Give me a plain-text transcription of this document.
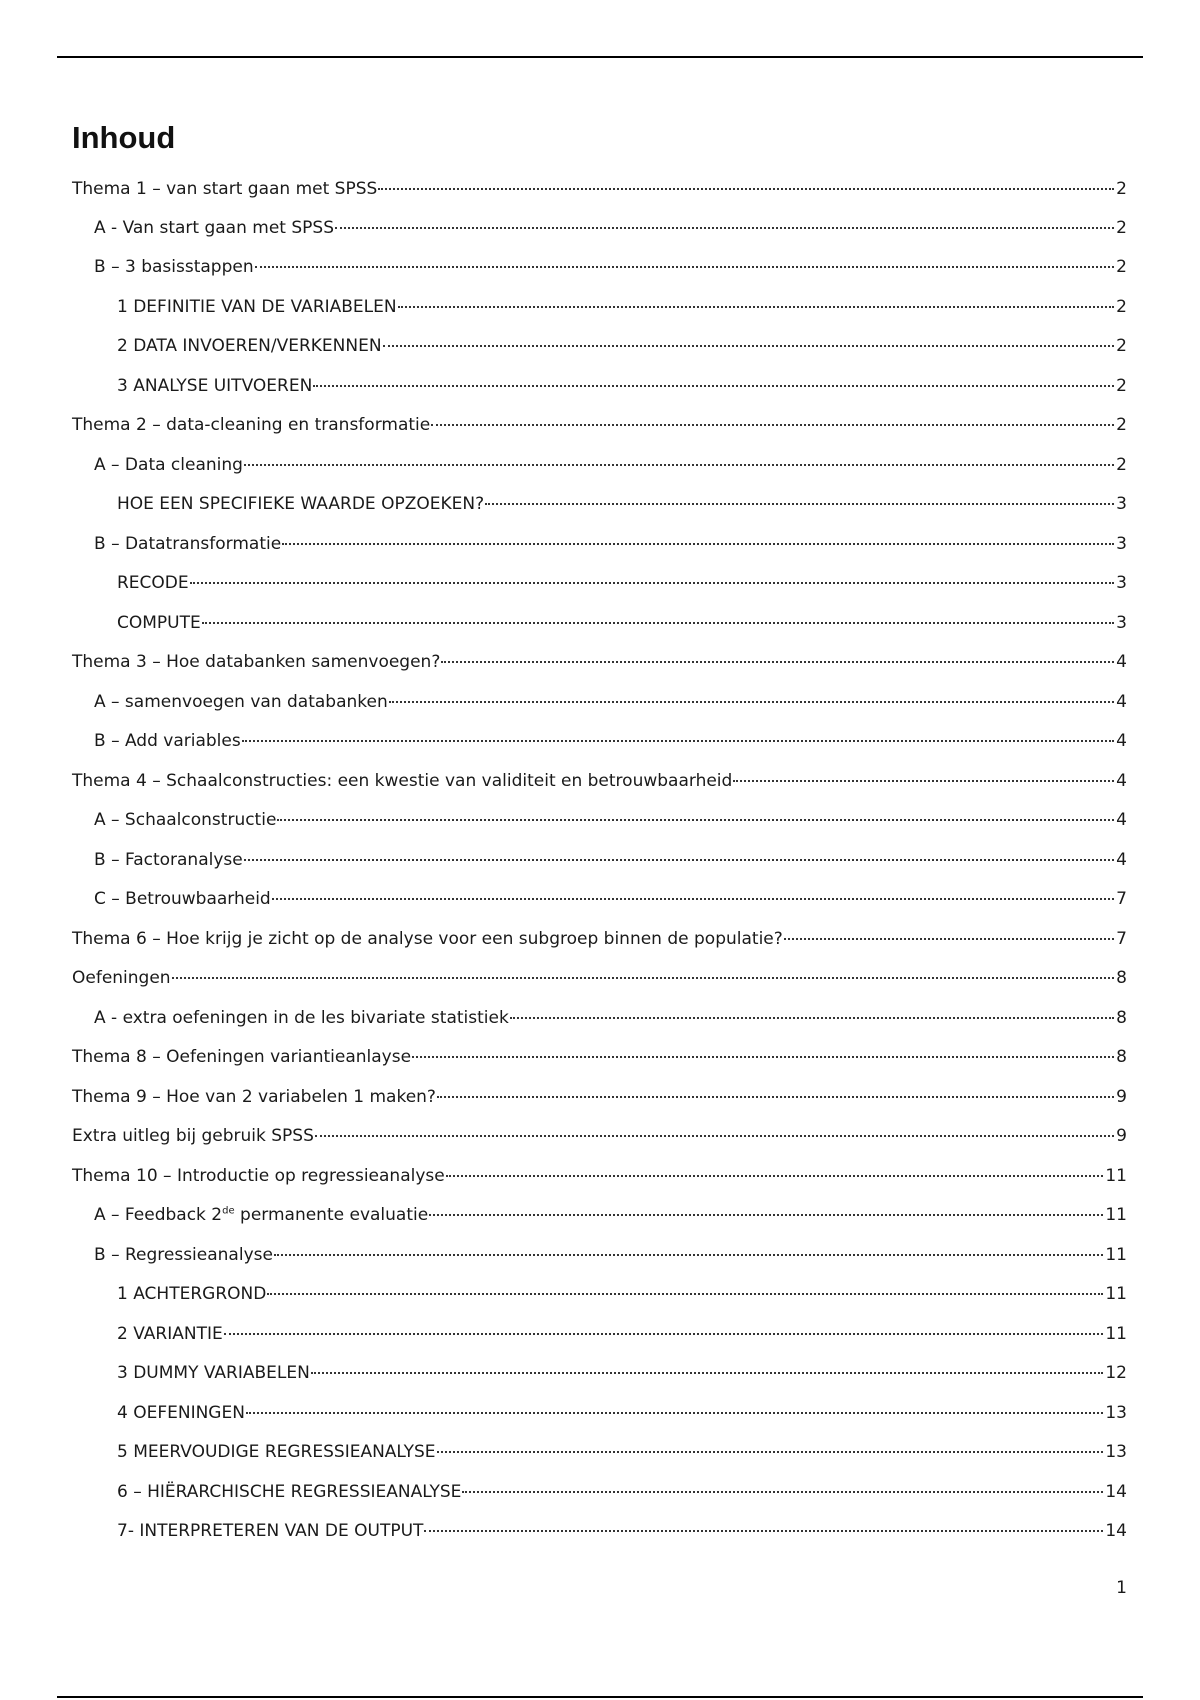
Inhoud
Thema 1 – van start gaan met SPSS	2
A - Van start gaan met SPSS	2
B – 3 basisstappen	2
1 DEFINITIE VAN DE VARIABELEN	2
2 DATA INVOEREN/VERKENNEN	2
3 ANALYSE UITVOEREN	2
Thema 2 – data-cleaning en transformatie	2
A – Data cleaning	2
HOE EEN SPECIFIEKE WAARDE OPZOEKEN?	3
B – Datatransformatie	3
RECODE	3
COMPUTE	3
Thema 3 – Hoe databanken samenvoegen?	4
A – samenvoegen van databanken	4
B – Add variables	4
Thema 4 – Schaalconstructies: een kwestie van validiteit en betrouwbaarheid	4
A – Schaalconstructie	4
B – Factoranalyse	4
C – Betrouwbaarheid	7
Thema 6 – Hoe krijg je zicht op de analyse voor een subgroep binnen de populatie?	7
Oefeningen	8
A - extra oefeningen in de les bivariate statistiek	8
Thema 8 – Oefeningen variantieanlayse	8
Thema 9 – Hoe van 2 variabelen 1 maken?	9
Extra uitleg bij gebruik SPSS	9
Thema 10 – Introductie op regressieanalyse	11
A – Feedback 2de permanente evaluatie	11
B – Regressieanalyse	11
1 ACHTERGROND	11
2 VARIANTIE	11
3 DUMMY VARIABELEN	12
4 OEFENINGEN	13
5 MEERVOUDIGE REGRESSIEANALYSE	13
6 – HIËRARCHISCHE REGRESSIEANALYSE	14
7- INTERPRETEREN VAN DE OUTPUT	14
1
